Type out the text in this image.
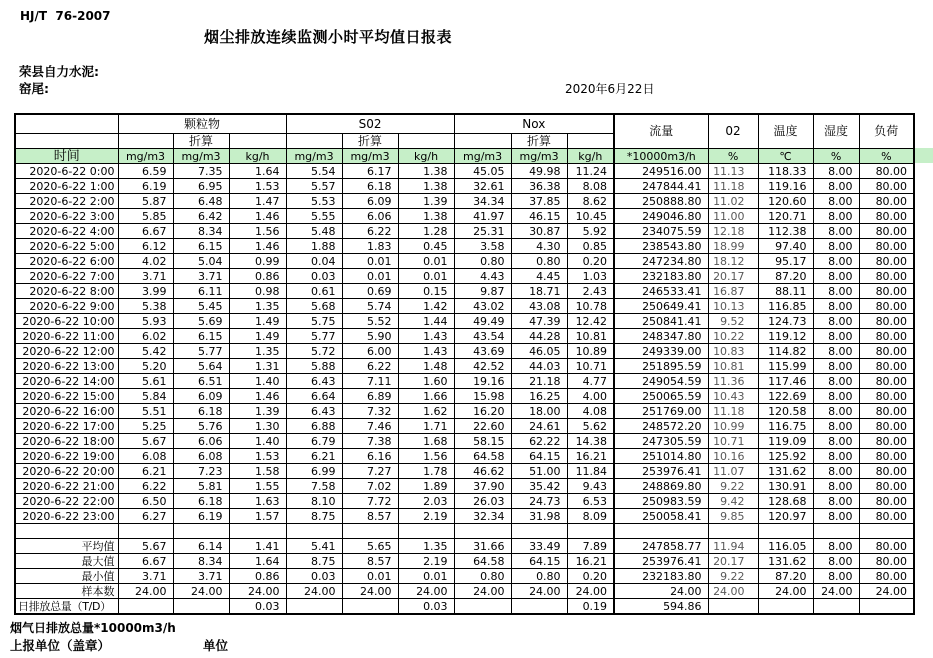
HJ/T  76-2007
烟尘排放连续监测小时平均值日报表
荣县自力水泥:
窑尾:	2020年6月22日
	颗粒物			S02			Nox			流量	02	温度	湿度	负荷
		折算			折算			折算						
时间	mg/m3	mg/m3	kg/h	mg/m3	mg/m3	kg/h	mg/m3	mg/m3	kg/h	*10000m3/h	%	℃	%	%
2020-6-22 0:00	6.59	7.35	1.64	5.54	6.17	1.38	45.05	49.98	11.24	249516.00	11.13	118.33	8.00	80.00
2020-6-22 1:00	6.19	6.95	1.53	5.57	6.18	1.38	32.61	36.38	8.08	247844.41	11.18	119.16	8.00	80.00
2020-6-22 2:00	5.87	6.48	1.47	5.53	6.09	1.39	34.34	37.85	8.62	250888.80	11.02	120.60	8.00	80.00
2020-6-22 3:00	5.85	6.42	1.46	5.55	6.06	1.38	41.97	46.15	10.45	249046.80	11.00	120.71	8.00	80.00
2020-6-22 4:00	6.67	8.34	1.56	5.48	6.22	1.28	25.31	30.87	5.92	234075.59	12.18	112.38	8.00	80.00
2020-6-22 5:00	6.12	6.15	1.46	1.88	1.83	0.45	3.58	4.30	0.85	238543.80	18.99	97.40	8.00	80.00
2020-6-22 6:00	4.02	5.04	0.99	0.04	0.01	0.01	0.80	0.80	0.20	247234.80	18.12	95.17	8.00	80.00
2020-6-22 7:00	3.71	3.71	0.86	0.03	0.01	0.01	4.43	4.45	1.03	232183.80	20.17	87.20	8.00	80.00
2020-6-22 8:00	3.99	6.11	0.98	0.61	0.69	0.15	9.87	18.71	2.43	246533.41	16.87	88.11	8.00	80.00
2020-6-22 9:00	5.38	5.45	1.35	5.68	5.74	1.42	43.02	43.08	10.78	250649.41	10.13	116.85	8.00	80.00
2020-6-22 10:00	5.93	5.69	1.49	5.75	5.52	1.44	49.49	47.39	12.42	250841.41	9.52	124.73	8.00	80.00
2020-6-22 11:00	6.02	6.15	1.49	5.77	5.90	1.43	43.54	44.28	10.81	248347.80	10.22	119.12	8.00	80.00
2020-6-22 12:00	5.42	5.77	1.35	5.72	6.00	1.43	43.69	46.05	10.89	249339.00	10.83	114.82	8.00	80.00
2020-6-22 13:00	5.20	5.64	1.31	5.88	6.22	1.48	42.52	44.03	10.71	251895.59	10.81	115.99	8.00	80.00
2020-6-22 14:00	5.61	6.51	1.40	6.43	7.11	1.60	19.16	21.18	4.77	249054.59	11.36	117.46	8.00	80.00
2020-6-22 15:00	5.84	6.09	1.46	6.64	6.89	1.66	15.98	16.25	4.00	250065.59	10.43	122.69	8.00	80.00
2020-6-22 16:00	5.51	6.18	1.39	6.43	7.32	1.62	16.20	18.00	4.08	251769.00	11.18	120.58	8.00	80.00
2020-6-22 17:00	5.25	5.76	1.30	6.88	7.46	1.71	22.60	24.61	5.62	248572.20	10.99	116.75	8.00	80.00
2020-6-22 18:00	5.67	6.06	1.40	6.79	7.38	1.68	58.15	62.22	14.38	247305.59	10.71	119.09	8.00	80.00
2020-6-22 19:00	6.08	6.08	1.53	6.21	6.16	1.56	64.58	64.15	16.21	251014.80	10.16	125.92	8.00	80.00
2020-6-22 20:00	6.21	7.23	1.58	6.99	7.27	1.78	46.62	51.00	11.84	253976.41	11.07	131.62	8.00	80.00
2020-6-22 21:00	6.22	5.81	1.55	7.58	7.02	1.89	37.90	35.42	9.43	248869.80	9.22	130.91	8.00	80.00
2020-6-22 22:00	6.50	6.18	1.63	8.10	7.72	2.03	26.03	24.73	6.53	250983.59	9.42	128.68	8.00	80.00
2020-6-22 23:00	6.27	6.19	1.57	8.75	8.57	2.19	32.34	31.98	8.09	250058.41	9.85	120.97	8.00	80.00

平均值	5.67	6.14	1.41	5.41	5.65	1.35	31.66	33.49	7.89	247858.77	11.94	116.05	8.00	80.00
最大值	6.67	8.34	1.64	8.75	8.57	2.19	64.58	64.15	16.21	253976.41	20.17	131.62	8.00	80.00
最小值	3.71	3.71	0.86	0.03	0.01	0.01	0.80	0.80	0.20	232183.80	9.22	87.20	8.00	80.00
样本数	24.00	24.00	24.00	24.00	24.00	24.00	24.00	24.00	24.00	24.00	24.00	24.00	24.00	24.00
日排放总量（T/D）			0.03			0.03			0.19	594.86				
烟气日排放总量*10000m3/h
上报单位（盖章）	单位
